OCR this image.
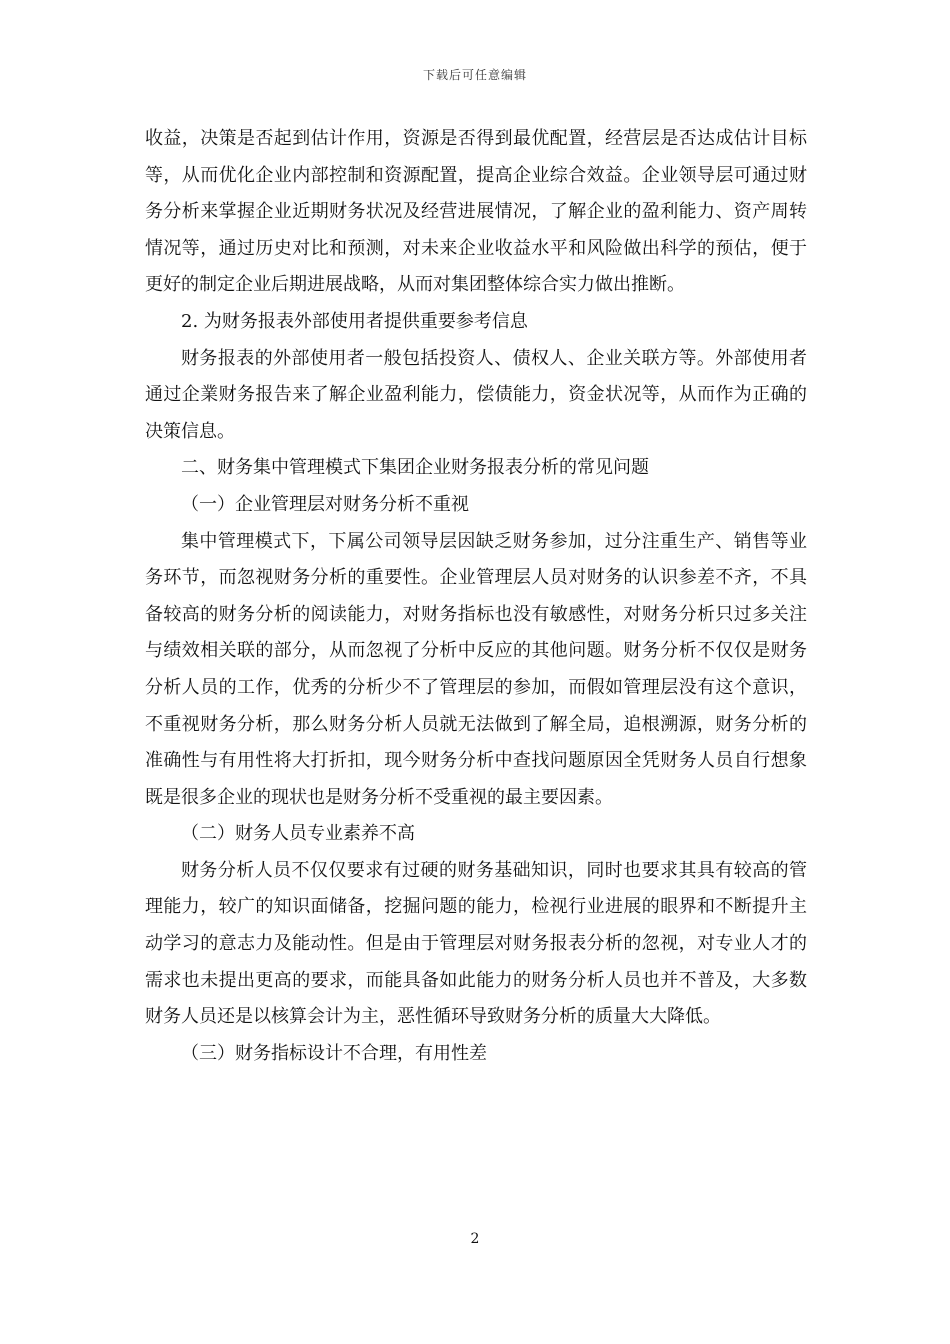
下载后可任意编辑

收益，决策是否起到估计作用，资源是否得到最优配置，经营层是否达成估计目标等，从而优化企业内部控制和资源配置，提高企业综合效益。企业领导层可通过财务分析来掌握企业近期财务状况及经营进展情况，了解企业的盈利能力、资产周转情况等，通过历史对比和预测，对未来企业收益水平和风险做出科学的预估，便于更好的制定企业后期进展战略，从而对集团整体综合实力做出推断。

2. 为财务报表外部使用者提供重要参考信息

财务报表的外部使用者一般包括投资人、债权人、企业关联方等。外部使用者通过企業财务报告来了解企业盈利能力，偿债能力，资金状况等，从而作为正确的决策信息。

二、财务集中管理模式下集团企业财务报表分析的常见问题

（一）企业管理层对财务分析不重视

集中管理模式下，下属公司领导层因缺乏财务参加，过分注重生产、销售等业务环节，而忽视财务分析的重要性。企业管理层人员对财务的认识参差不齐，不具备较高的财务分析的阅读能力，对财务指标也没有敏感性，对财务分析只过多关注与绩效相关联的部分，从而忽视了分析中反应的其他问题。财务分析不仅仅是财务分析人员的工作，优秀的分析少不了管理层的参加，而假如管理层没有这个意识，不重视财务分析，那么财务分析人员就无法做到了解全局，追根溯源，财务分析的准确性与有用性将大打折扣，现今财务分析中查找问题原因全凭财务人员自行想象既是很多企业的现状也是财务分析不受重视的最主要因素。

（二）财务人员专业素养不高

财务分析人员不仅仅要求有过硬的财务基础知识，同时也要求其具有较高的管理能力，较广的知识面储备，挖掘问题的能力，检视行业进展的眼界和不断提升主动学习的意志力及能动性。但是由于管理层对财务报表分析的忽视，对专业人才的需求也未提出更高的要求，而能具备如此能力的财务分析人员也并不普及，大多数财务人员还是以核算会计为主，恶性循环导致财务分析的质量大大降低。

（三）财务指标设计不合理，有用性差

2
